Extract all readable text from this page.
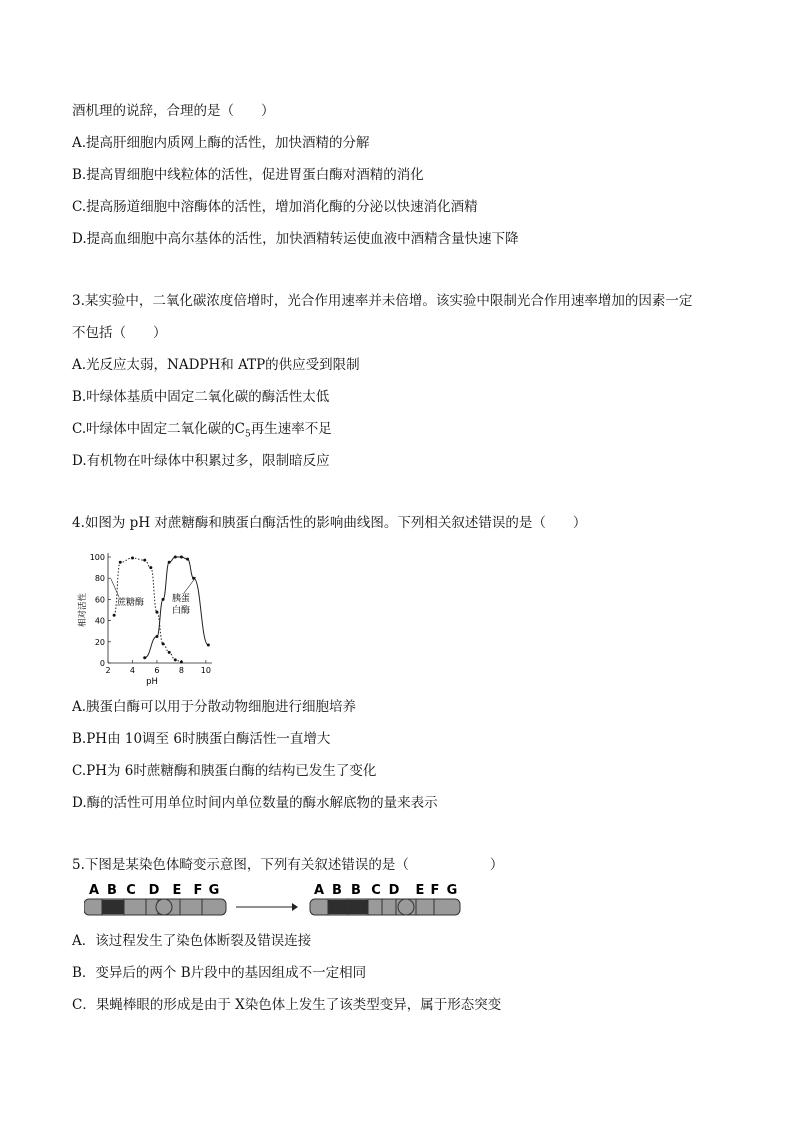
酒机理的说辞，合理的是（　　）
A.提高肝细胞内质网上酶的活性，加快酒精的分解
B.提高胃细胞中线粒体的活性，促进胃蛋白酶对酒精的消化
C.提高肠道细胞中溶酶体的活性，增加消化酶的分泌以快速消化酒精
D.提高血细胞中高尔基体的活性，加快酒精转运使血液中酒精含量快速下降
3.某实验中，二氧化碳浓度倍增时，光合作用速率并未倍增。该实验中限制光合作用速率增加的因素一定
不包括（　　）
A.光反应太弱，NADPH和 ATP的供应受到限制
B.叶绿体基质中固定二氧化碳的酶活性太低
C.叶绿体中固定二氧化碳的$C_5$再生速率不足
D.有机物在叶绿体中积累过多，限制暗反应
4.如图为 pH 对蔗糖酶和胰蛋白酶活性的影响曲线图。下列相关叙述错误的是（　　）
0
20
40
60
80
100
2 4 6 8 10
pH
相对活性	蔗糖酶	胰蛋
白酶
A.胰蛋白酶可以用于分散动物细胞进行细胞培养
B.PH由 10调至 6时胰蛋白酶活性一直增大
C.PH为 6时蔗糖酶和胰蛋白酶的结构已发生了变化
D.酶的活性可用单位时间内单位数量的酶水解底物的量来表示
5.下图是某染色体畸变示意图，下列有关叙述错误的是（　　　　　　）
A B C D E F G	A B B C D E F G
A．该过程发生了染色体断裂及错误连接
B．变异后的两个 B片段中的基因组成不一定相同
C．果蝇棒眼的形成是由于 X染色体上发生了该类型变异，属于形态突变
